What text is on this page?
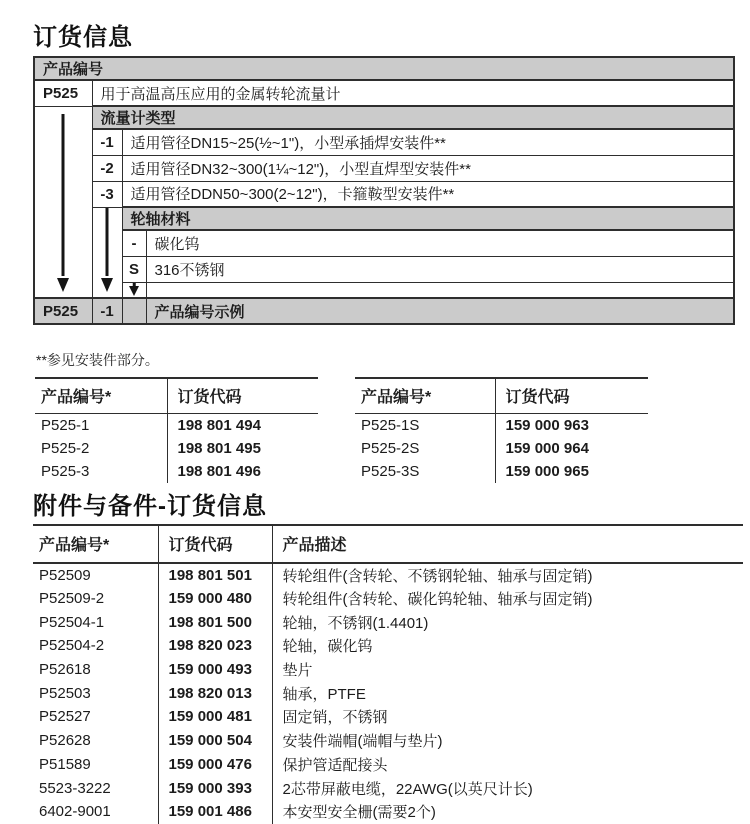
订货信息
产品编号			
P525	用于高温高压应用的金属转轮流量计		

	流量计类型		
	-1	适用管径DN15~25(½~1")，小型承插焊安装件**	
	-2	适用管径DN32~300(1¼~12")，小型直焊型安装件**	
	-3	适用管径DDN50~300(2~12")，卡箍鞍型安装件**	

		轮轴材料	
		-	碳化钨
		S	316不锈钢

P525	-1		产品编号示例
**参见安装件部分。
产品编号*	订货代码
P525-1	198 801 494
P525-2	198 801 495
P525-3	198 801 496
产品编号*	订货代码
P525-1S	159 000 963
P525-2S	159 000 964
P525-3S	159 000 965
附件与备件-订货信息
产品编号*	订货代码	产品描述
P52509	198 801 501	转轮组件(含转轮、不锈钢轮轴、轴承与固定销)
P52509-2	159 000 480	转轮组件(含转轮、碳化钨轮轴、轴承与固定销)
P52504-1	198 801 500	轮轴，不锈钢(1.4401)
P52504-2	198 820 023	轮轴，碳化钨
P52618	159 000 493	垫片
P52503	198 820 013	轴承，PTFE
P52527	159 000 481	固定销，不锈钢
P52628	159 000 504	安装件端帽(端帽与垫片)
P51589	159 000 476	保护管适配接头
5523-3222	159 000 393	2芯带屏蔽电缆，22AWG(以英尺计长)
6402-9001	159 001 486	本安型安全栅(需要2个)
